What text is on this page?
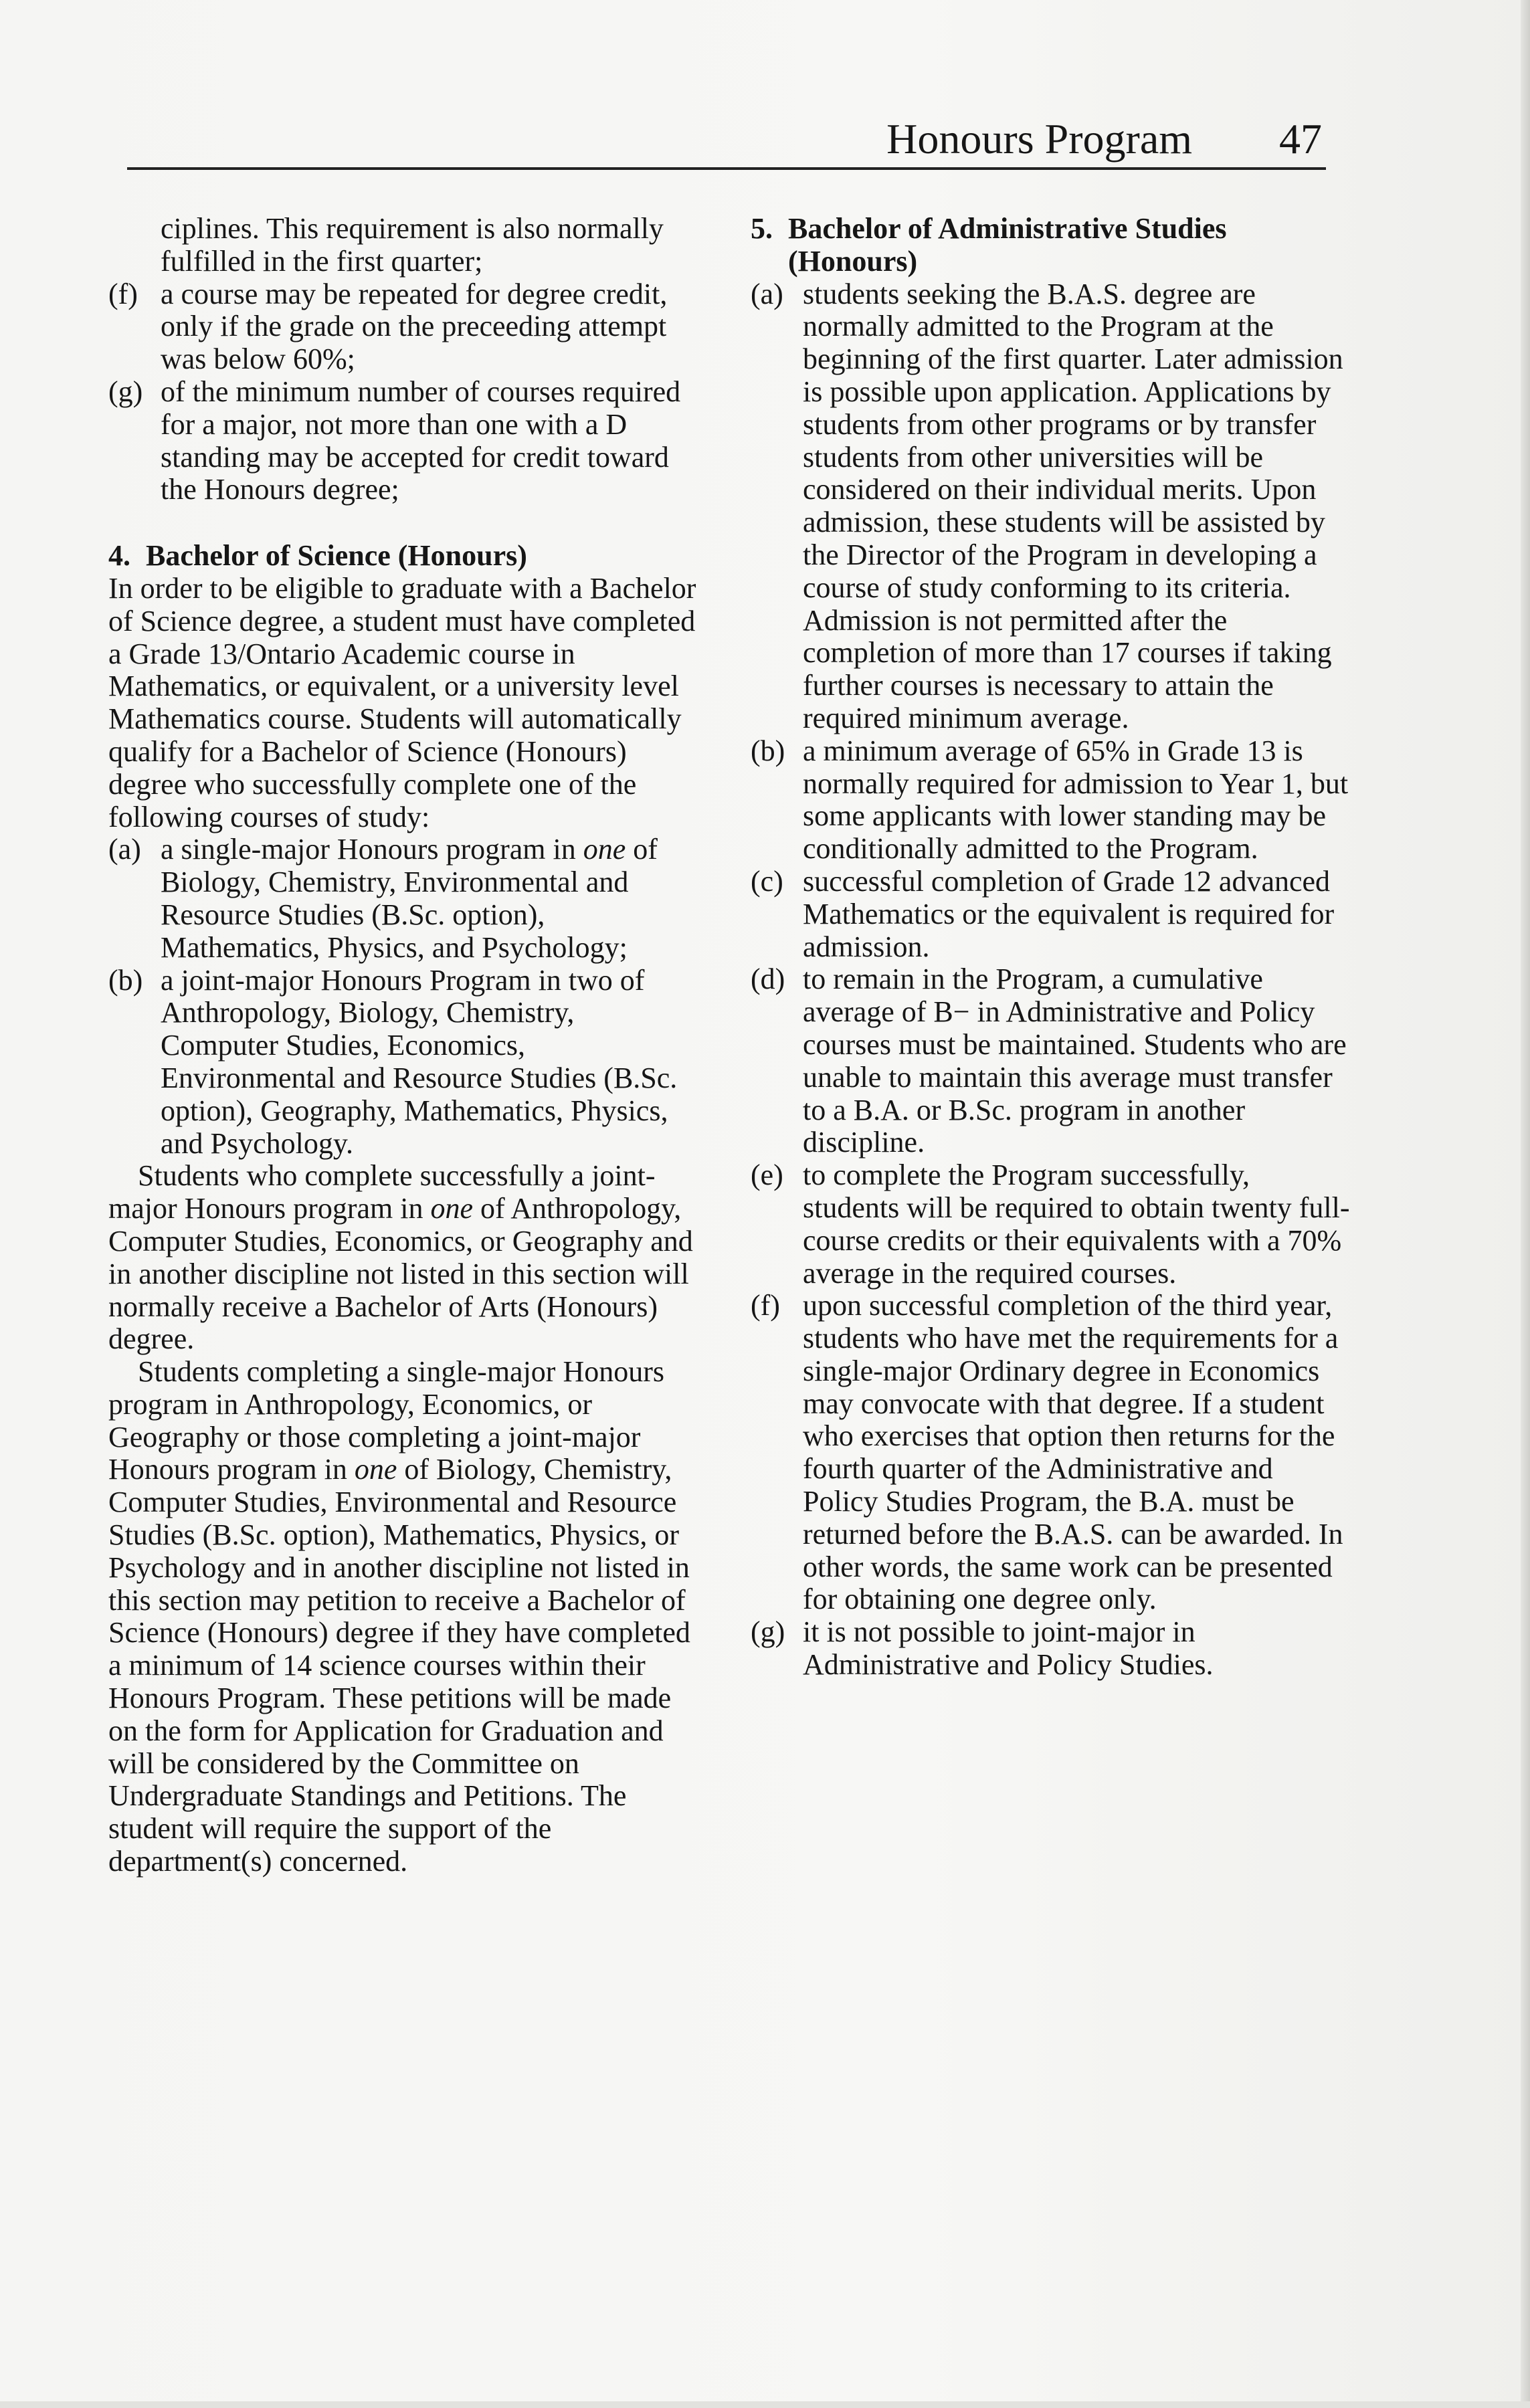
Honours Program 47
ciplines. This requirement is also normally fulfilled in the first quarter;
(f) a course may be repeated for degree credit, only if the grade on the preceeding attempt was below 60%;
(g) of the minimum number of courses required for a major, not more than one with a D standing may be accepted for credit toward the Honours degree;
4. Bachelor of Science (Honours)
In order to be eligible to graduate with a Bachelor of Science degree, a student must have completed a Grade 13/Ontario Academic course in Mathematics, or equivalent, or a university level Mathematics course. Students will automatically qualify for a Bachelor of Science (Honours) degree who successfully complete one of the following courses of study:
(a) a single-major Honours program in one of Biology, Chemistry, Environmental and Resource Studies (B.Sc. option), Mathematics, Physics, and Psychology;
(b) a joint-major Honours Program in two of Anthropology, Biology, Chemistry, Computer Studies, Economics, Environmental and Resource Studies (B.Sc. option), Geography, Mathematics, Physics, and Psychology.
Students who complete successfully a joint-major Honours program in one of Anthropology, Computer Studies, Economics, or Geography and in another discipline not listed in this section will normally receive a Bachelor of Arts (Honours) degree.
Students completing a single-major Honours program in Anthropology, Economics, or Geography or those completing a joint-major Honours program in one of Biology, Chemistry, Computer Studies, Environmental and Resource Studies (B.Sc. option), Mathematics, Physics, or Psychology and in another discipline not listed in this section may petition to receive a Bachelor of Science (Honours) degree if they have completed a minimum of 14 science courses within their Honours Program. These petitions will be made on the form for Application for Graduation and will be considered by the Committee on Undergraduate Standings and Petitions. The student will require the support of the department(s) concerned.
5. Bachelor of Administrative Studies (Honours)
(a) students seeking the B.A.S. degree are normally admitted to the Program at the beginning of the first quarter. Later admission is possible upon application. Applications by students from other programs or by transfer students from other universities will be considered on their individual merits. Upon admission, these students will be assisted by the Director of the Program in developing a course of study conforming to its criteria. Admission is not permitted after the completion of more than 17 courses if taking further courses is necessary to attain the required minimum average.
(b) a minimum average of 65% in Grade 13 is normally required for admission to Year 1, but some applicants with lower standing may be conditionally admitted to the Program.
(c) successful completion of Grade 12 advanced Mathematics or the equivalent is required for admission.
(d) to remain in the Program, a cumulative average of B− in Administrative and Policy courses must be maintained. Students who are unable to maintain this average must transfer to a B.A. or B.Sc. program in another discipline.
(e) to complete the Program successfully, students will be required to obtain twenty full-course credits or their equivalents with a 70% average in the required courses.
(f) upon successful completion of the third year, students who have met the requirements for a single-major Ordinary degree in Economics may convocate with that degree. If a student who exercises that option then returns for the fourth quarter of the Administrative and Policy Studies Program, the B.A. must be returned before the B.A.S. can be awarded. In other words, the same work can be presented for obtaining one degree only.
(g) it is not possible to joint-major in Administrative and Policy Studies.
